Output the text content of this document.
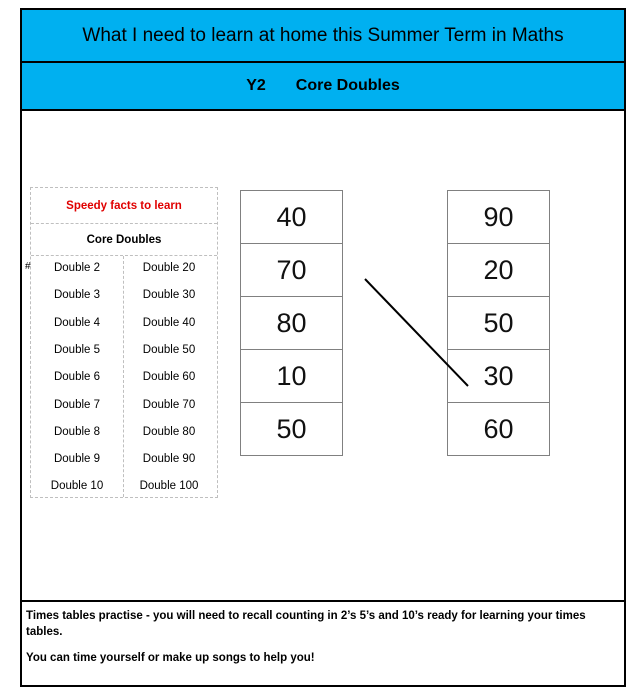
What I need to learn at home this Summer Term in Maths
Y2 Core Doubles
Speedy facts to learn
Core Doubles
Double 2
Double 3
Double 4
Double 5
Double 6
Double 7
Double 8
Double 9
Double 10
Double 20
Double 30
Double 40
Double 50
Double 60
Double 70
Double 80
Double 90
Double 100
#

Times tables practise - you will need to recall counting in 2’s 5’s and 10’s ready for learning your times tables.

You can time yourself or make up songs to help you!

40
70
80
10
50
90
20
50
30
60
